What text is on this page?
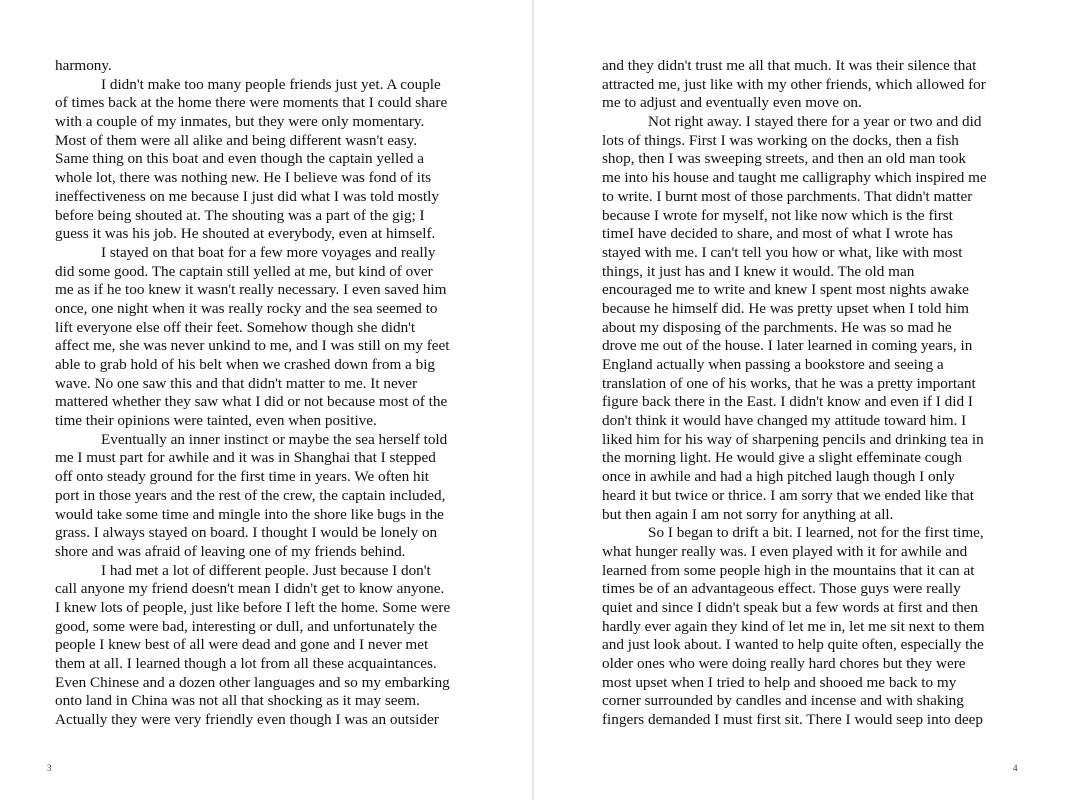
harmony.
I didn't make too many people friends just yet. A couple
of times back at the home there were moments that I could share
with a couple of my inmates, but they were only momentary.
Most of them were all alike and being different wasn't easy.
Same thing on this boat and even though the captain yelled a
whole lot, there was nothing new. He I believe was fond of its
ineffectiveness on me because I just did what I was told mostly
before being shouted at. The shouting was a part of the gig; I
guess it was his job. He shouted at everybody, even at himself.
I stayed on that boat for a few more voyages and really
did some good. The captain still yelled at me, but kind of over
me as if he too knew it wasn't really necessary. I even saved him
once, one night when it was really rocky and the sea seemed to
lift everyone else off their feet. Somehow though she didn't
affect me, she was never unkind to me, and I was still on my feet
able to grab hold of his belt when we crashed down from a big
wave. No one saw this and that didn't matter to me. It never
mattered whether they saw what I did or not because most of the
time their opinions were tainted, even when positive.
Eventually an inner instinct or maybe the sea herself told
me I must part for awhile and it was in Shanghai that I stepped
off onto steady ground for the first time in years. We often hit
port in those years and the rest of the crew, the captain included,
would take some time and mingle into the shore like bugs in the
grass. I always stayed on board. I thought I would be lonely on
shore and was afraid of leaving one of my friends behind.
I had met a lot of different people. Just because I don't
call anyone my friend doesn't mean I didn't get to know anyone.
I knew lots of people, just like before I left the home. Some were
good, some were bad, interesting or dull, and unfortunately the
people I knew best of all were dead and gone and I never met
them at all. I learned though a lot from all these acquaintances.
Even Chinese and a dozen other languages and so my embarking
onto land in China was not all that shocking as it may seem.
Actually they were very friendly even though I was an outsider
3
and they didn't trust me all that much. It was their silence that
attracted me, just like with my other friends, which allowed for
me to adjust and eventually even move on.
Not right away. I stayed there for a year or two and did
lots of things. First I was working on the docks, then a fish
shop, then I was sweeping streets, and then an old man took
me into his house and taught me calligraphy which inspired me
to write. I burnt most of those parchments. That didn't matter
because I wrote for myself, not like now which is the first
timeI have decided to share, and most of what I wrote has
stayed with me. I can't tell you how or what, like with most
things, it just has and I knew it would. The old man
encouraged me to write and knew I spent most nights awake
because he himself did. He was pretty upset when I told him
about my disposing of the parchments. He was so mad he
drove me out of the house. I later learned in coming years, in
England actually when passing a bookstore and seeing a
translation of one of his works, that he was a pretty important
figure back there in the East. I didn't know and even if I did I
don't think it would have changed my attitude toward him. I
liked him for his way of sharpening pencils and drinking tea in
the morning light. He would give a slight effeminate cough
once in awhile and had a high pitched laugh though I only
heard it but twice or thrice. I am sorry that we ended like that
but then again I am not sorry for anything at all.
So I began to drift a bit. I learned, not for the first time,
what hunger really was. I even played with it for awhile and
learned from some people high in the mountains that it can at
times be of an advantageous effect. Those guys were really
quiet and since I didn't speak but a few words at first and then
hardly ever again they kind of let me in, let me sit next to them
and just look about. I wanted to help quite often, especially the
older ones who were doing really hard chores but they were
most upset when I tried to help and shooed me back to my
corner surrounded by candles and incense and with shaking
fingers demanded I must first sit. There I would seep into deep
4
